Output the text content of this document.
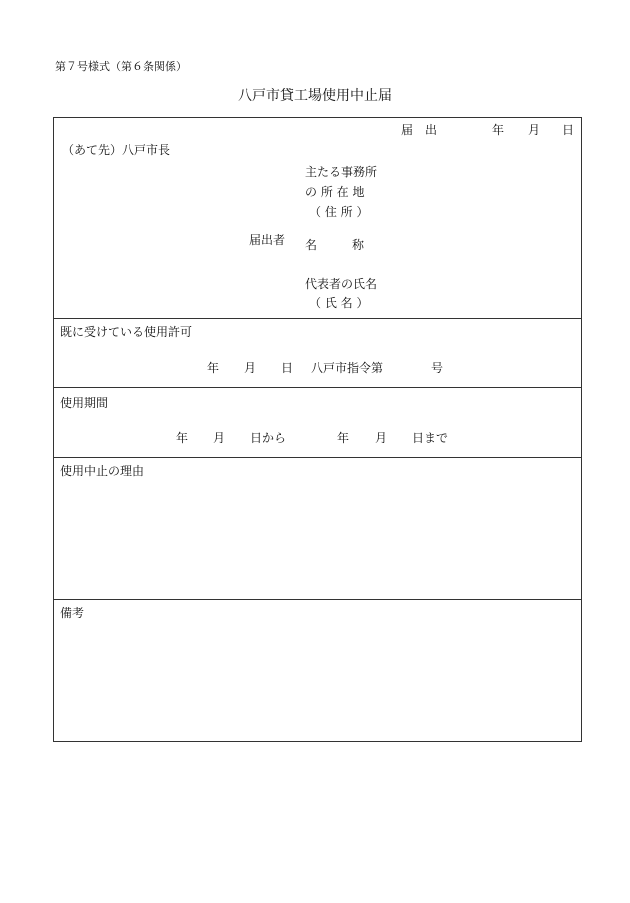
第７号様式（第６条関係）
八戸市貸工場使用中止届
届　出	年 月 日
（あて先）八戸市長
主たる事務所
の 所 在 地
（ 住 所 ）
届出者 名	称
代表者の氏名
（ 氏 名 ）
既に受けている使用許可
年 月 日 八戸市指令第	号
使用期間
年 月 日から	年 月 日まで
使用中止の理由
備考
